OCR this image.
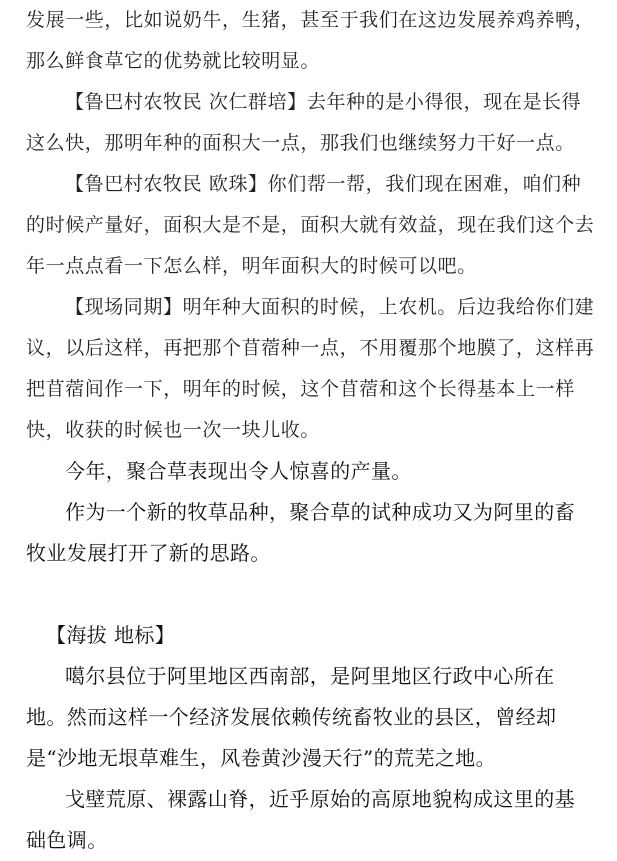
发展一些，比如说奶牛，生猪，甚至于我们在这边发展养鸡养鸭，那么鲜食草它的优势就比较明显。

【鲁巴村农牧民 次仁群培】去年种的是小得很，现在是长得这么快，那明年种的面积大一点，那我们也继续努力干好一点。

【鲁巴村农牧民 欧珠】你们帮一帮，我们现在困难，咱们种的时候产量好，面积大是不是，面积大就有效益，现在我们这个去年一点点看一下怎么样，明年面积大的时候可以吧。

【现场同期】明年种大面积的时候，上农机。后边我给你们建议，以后这样，再把那个苜蓿种一点，不用覆那个地膜了，这样再把苜蓿间作一下，明年的时候，这个苜蓿和这个长得基本上一样快，收获的时候也一次一块儿收。

今年，聚合草表现出令人惊喜的产量。

作为一个新的牧草品种，聚合草的试种成功又为阿里的畜牧业发展打开了新的思路。

【海拔 地标】

噶尔县位于阿里地区西南部，是阿里地区行政中心所在地。然而这样一个经济发展依赖传统畜牧业的县区，曾经却是“沙地无垠草难生，风卷黄沙漫天行”的荒芜之地。

戈壁荒原、裸露山脊，近乎原始的高原地貌构成这里的基础色调。
